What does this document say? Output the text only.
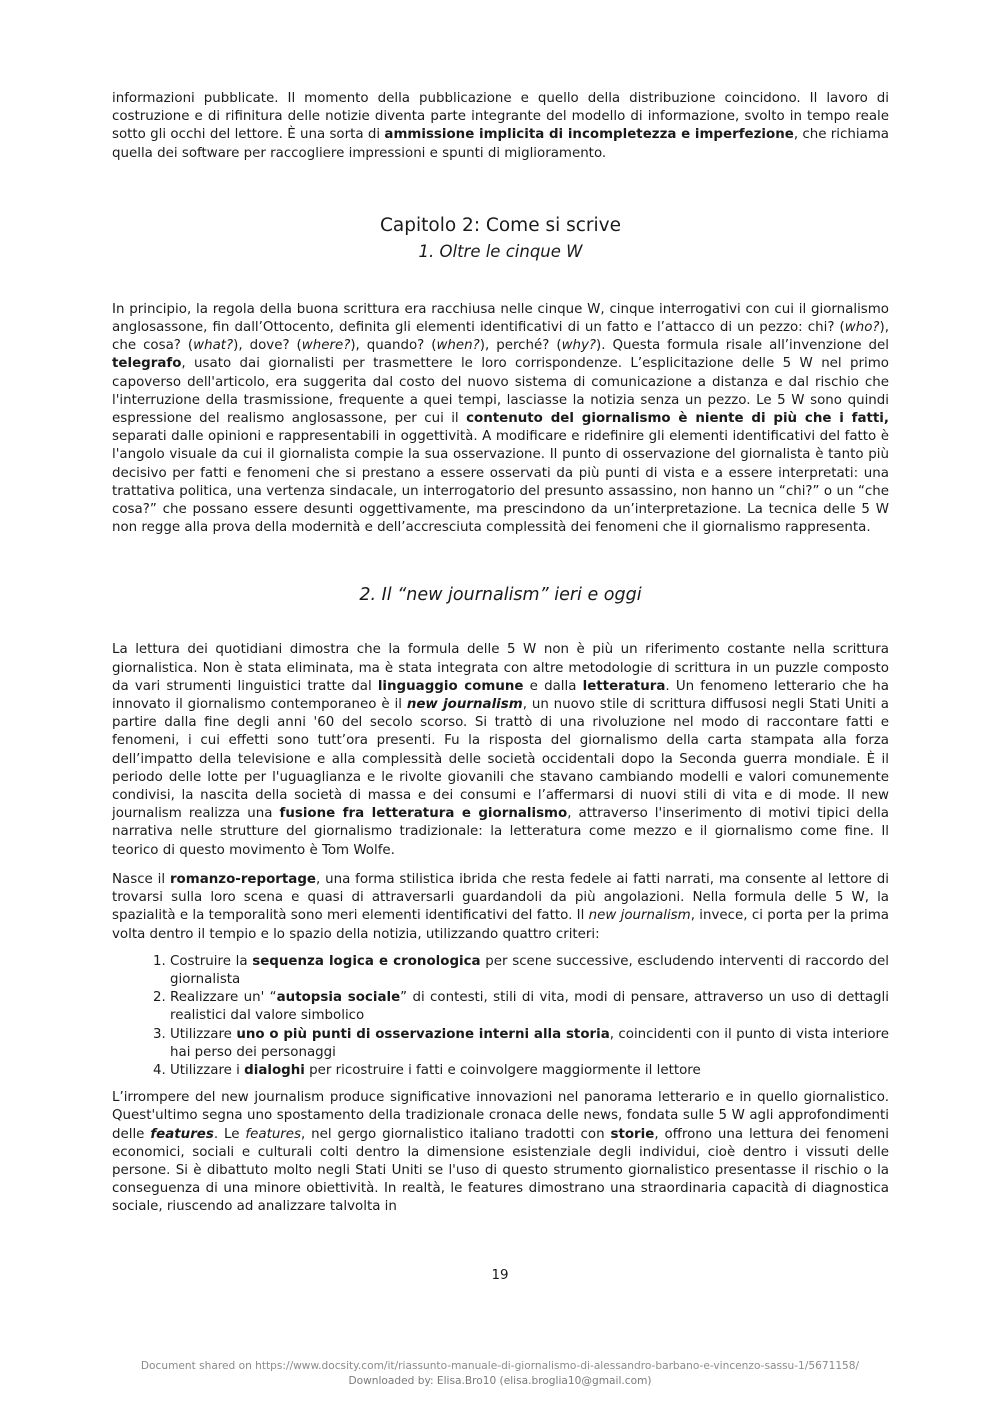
informazioni pubblicate. Il momento della pubblicazione e quello della distribuzione coincidono. Il lavoro di costruzione e di rifinitura delle notizie diventa parte integrante del modello di informazione, svolto in tempo reale sotto gli occhi del lettore. È una sorta di ammissione implicita di incompletezza e imperfezione, che richiama quella dei software per raccogliere impressioni e spunti di miglioramento.

Capitolo 2: Come si scrive
1. Oltre le cinque W

In principio, la regola della buona scrittura era racchiusa nelle cinque W, cinque interrogativi con cui il giornalismo anglosassone, fin dall’Ottocento, definita gli elementi identificativi di un fatto e l’attacco di un pezzo: chi? (who?), che cosa? (what?), dove? (where?), quando? (when?), perché? (why?). Questa formula risale all’invenzione del telegrafo, usato dai giornalisti per trasmettere le loro corrispondenze. L’esplicitazione delle 5 W nel primo capoverso dell'articolo, era suggerita dal costo del nuovo sistema di comunicazione a distanza e dal rischio che l'interruzione della trasmissione, frequente a quei tempi, lasciasse la notizia senza un pezzo. Le 5 W sono quindi espressione del realismo anglosassone, per cui il contenuto del giornalismo è niente di più che i fatti, separati dalle opinioni e rappresentabili in oggettività. A modificare e ridefinire gli elementi identificativi del fatto è l'angolo visuale da cui il giornalista compie la sua osservazione. Il punto di osservazione del giornalista è tanto più decisivo per fatti e fenomeni che si prestano a essere osservati da più punti di vista e a essere interpretati: una trattativa politica, una vertenza sindacale, un interrogatorio del presunto assassino, non hanno un “chi?” o un “che cosa?” che possano essere desunti oggettivamente, ma prescindono da un’interpretazione. La tecnica delle 5 W non regge alla prova della modernità e dell’accresciuta complessità dei fenomeni che il giornalismo rappresenta.

2. Il “new journalism” ieri e oggi

La lettura dei quotidiani dimostra che la formula delle 5 W non è più un riferimento costante nella scrittura giornalistica. Non è stata eliminata, ma è stata integrata con altre metodologie di scrittura in un puzzle composto da vari strumenti linguistici tratte dal linguaggio comune e dalla letteratura. Un fenomeno letterario che ha innovato il giornalismo contemporaneo è il new journalism, un nuovo stile di scrittura diffusosi negli Stati Uniti a partire dalla fine degli anni '60 del secolo scorso. Si trattò di una rivoluzione nel modo di raccontare fatti e fenomeni, i cui effetti sono tutt’ora presenti. Fu la risposta del giornalismo della carta stampata alla forza dell’impatto della televisione e alla complessità delle società occidentali dopo la Seconda guerra mondiale. È il periodo delle lotte per l'uguaglianza e le rivolte giovanili che stavano cambiando modelli e valori comunemente condivisi, la nascita della società di massa e dei consumi e l’affermarsi di nuovi stili di vita e di mode. Il new journalism realizza una fusione fra letteratura e giornalismo, attraverso l'inserimento di motivi tipici della narrativa nelle strutture del giornalismo tradizionale: la letteratura come mezzo e il giornalismo come fine. Il teorico di questo movimento è Tom Wolfe.

Nasce il romanzo-reportage, una forma stilistica ibrida che resta fedele ai fatti narrati, ma consente al lettore di trovarsi sulla loro scena e quasi di attraversarli guardandoli da più angolazioni. Nella formula delle 5 W, la spazialità e la temporalità sono meri elementi identificativi del fatto. Il new journalism, invece, ci porta per la prima volta dentro il tempio e lo spazio della notizia, utilizzando quattro criteri:

1. Costruire la sequenza logica e cronologica per scene successive, escludendo interventi di raccordo del giornalista
2. Realizzare un' “autopsia sociale” di contesti, stili di vita, modi di pensare, attraverso un uso di dettagli realistici dal valore simbolico
3. Utilizzare uno o più punti di osservazione interni alla storia, coincidenti con il punto di vista interiore hai perso dei personaggi
4. Utilizzare i dialoghi per ricostruire i fatti e coinvolgere maggiormente il lettore

L’irrompere del new journalism produce significative innovazioni nel panorama letterario e in quello giornalistico. Quest'ultimo segna uno spostamento della tradizionale cronaca delle news, fondata sulle 5 W agli approfondimenti delle features. Le features, nel gergo giornalistico italiano tradotti con storie, offrono una lettura dei fenomeni economici, sociali e culturali colti dentro la dimensione esistenziale degli individui, cioè dentro i vissuti delle persone. Si è dibattuto molto negli Stati Uniti se l'uso di questo strumento giornalistico presentasse il rischio o la conseguenza di una minore obiettività. In realtà, le features dimostrano una straordinaria capacità di diagnostica sociale, riuscendo ad analizzare talvolta in

19
Document shared on https://www.docsity.com/it/riassunto-manuale-di-giornalismo-di-alessandro-barbano-e-vincenzo-sassu-1/5671158/
Downloaded by: Elisa.Bro10 (elisa.broglia10@gmail.com)
